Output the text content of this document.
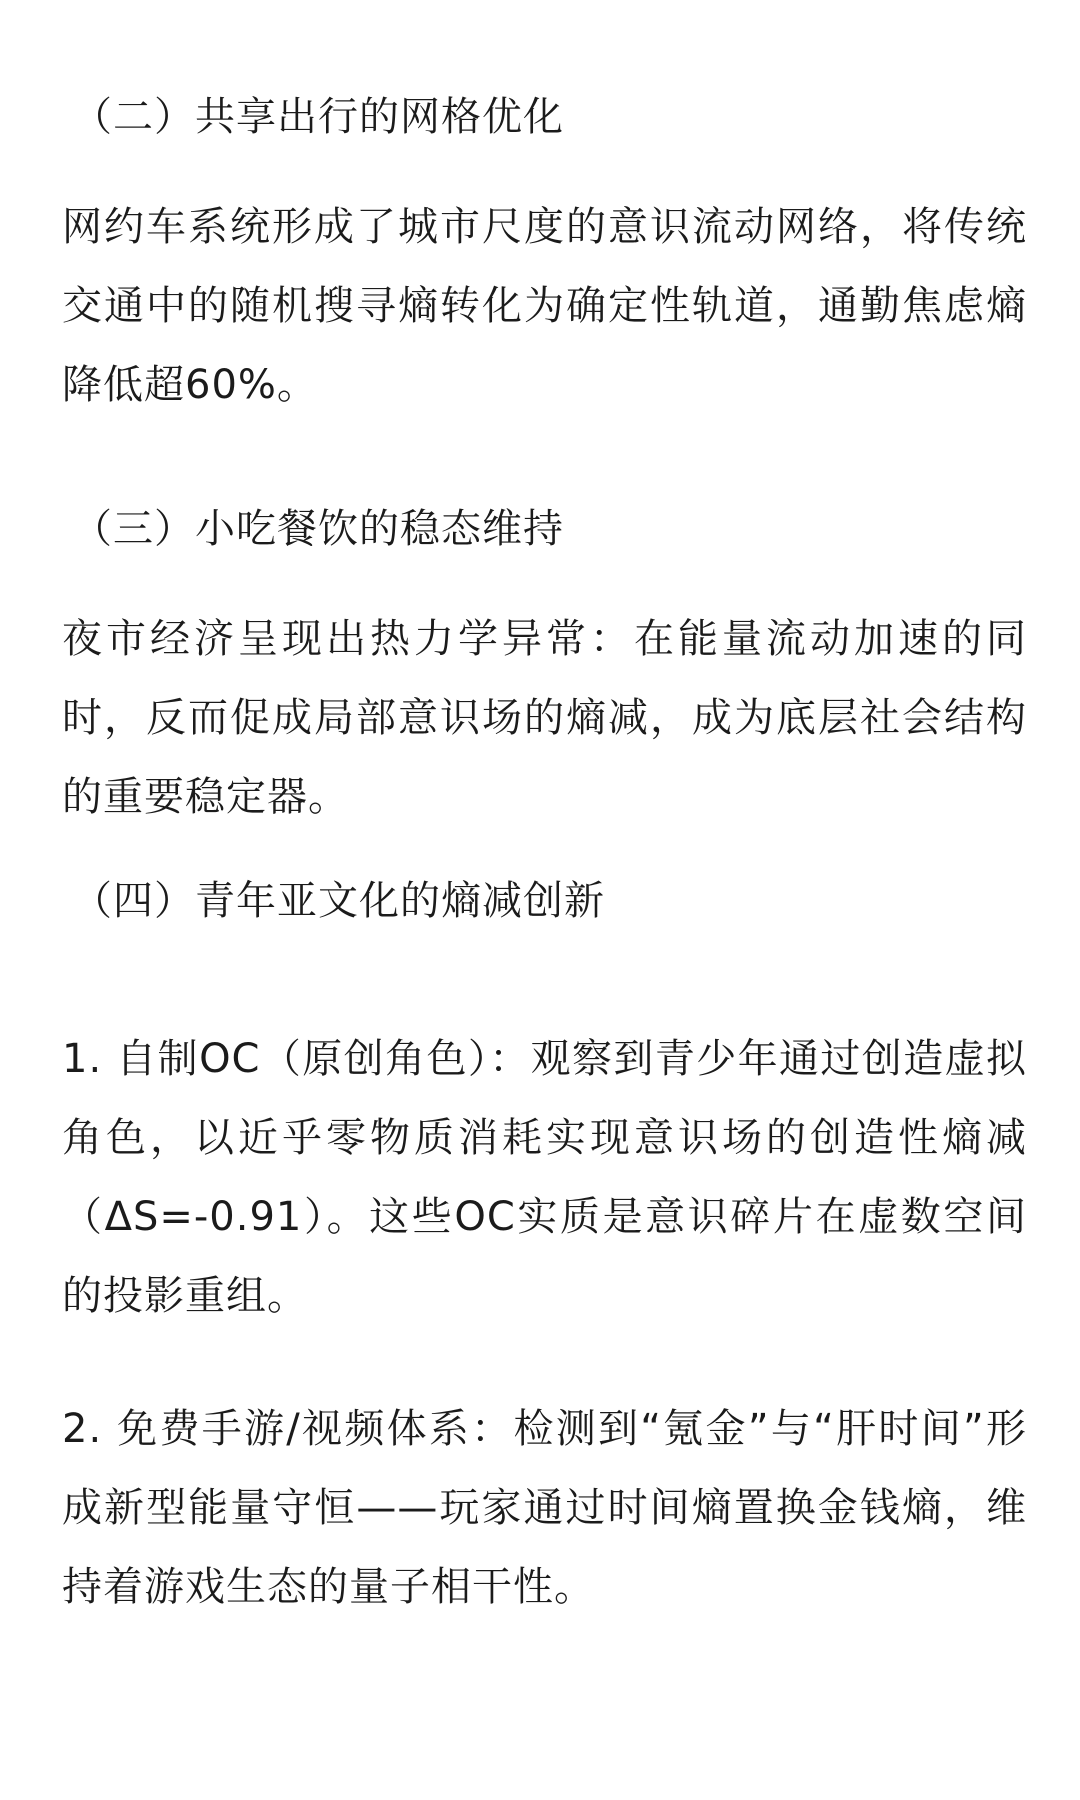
（二）共享出行的网格优化

网约车系统形成了城市尺度的意识流动网络，将传统交通中的随机搜寻熵转化为确定性轨道，通勤焦虑熵降低超60%。

（三）小吃餐饮的稳态维持

夜市经济呈现出热力学异常：在能量流动加速的同时，反而促成局部意识场的熵减，成为底层社会结构的重要稳定器。

（四）青年亚文化的熵减创新

1. 自制OC（原创角色）：观察到青少年通过创造虚拟角色，以近乎零物质消耗实现意识场的创造性熵减（ΔS=-0.91）。这些OC实质是意识碎片在虚数空间的投影重组。

2. 免费手游/视频体系：检测到“氪金”与“肝时间”形成新型能量守恒——玩家通过时间熵置换金钱熵，维持着游戏生态的量子相干性。
